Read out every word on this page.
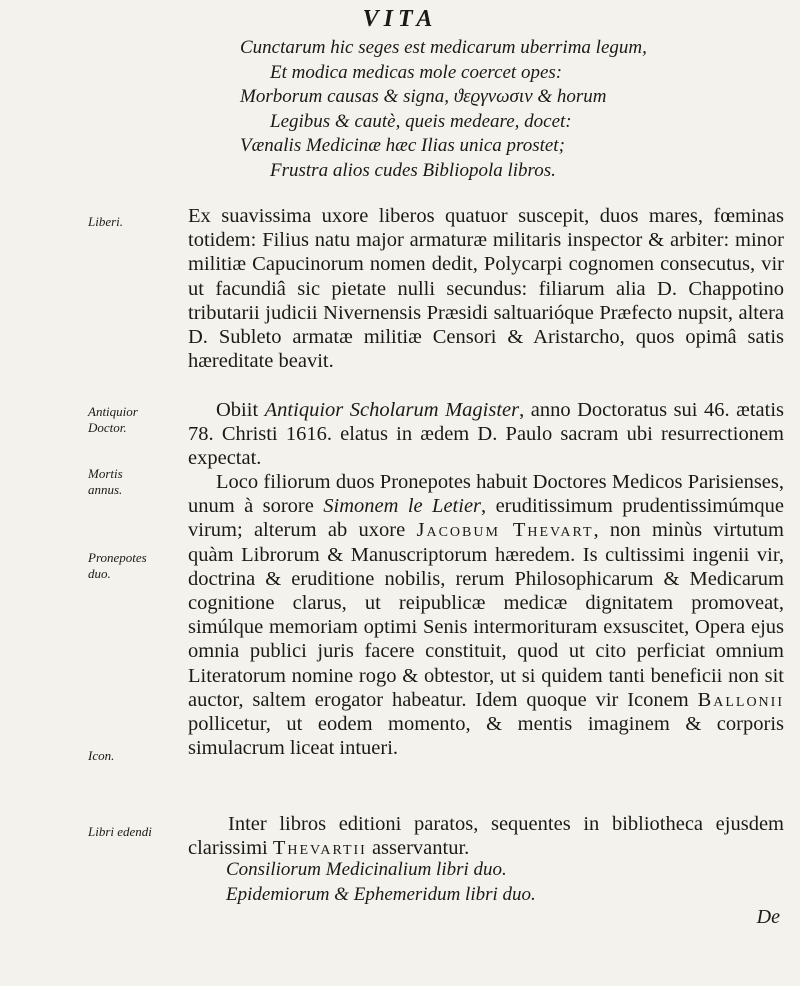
VITA
Cunctarum hic seges est medicarum uberrima legum,
Et modica medicas mole coercet opes:
Morborum causas & signa, ϑεϱγνωσιν & horum
Legibus & cautè, queis medeare, docet:
Vænalis Medicinæ hæc Ilias unica prostet;
Frustra alios cudes Bibliopola libros.
Liberi.
Antiquior Doctor.
Mortis annus.
Pronepotes duo.
Icon.
Libri edendi

Ex suavissima uxore liberos quatuor suscepit, duos mares, fœminas totidem: Filius natu major armaturæ militaris inspector & arbiter: minor militiæ Capucinorum nomen dedit, Polycarpi cognomen consecutus, vir ut facundiâ sic pietate nulli secundus: filiarum alia D. Chappotino tributarii judicii Nivernensis Præsidi saltuarióque Præfecto nupsit, altera D. Subleto armatæ militiæ Censori & Aristarcho, quos opimâ satis hæreditate beavit.

Obiit Antiquior Scholarum Magister, anno Doctoratus sui 46. ætatis 78. Christi 1616. elatus in ædem D. Paulo sacram ubi resurrectionem expectat.

Loco filiorum duos Pronepotes habuit Doctores Medicos Parisienses, unum à sorore Simonem le Letier, eruditissimum prudentissimúmque virum; alterum ab uxore Jacobum Thevart, non minùs virtutum quàm Librorum & Manuscriptorum hæredem. Is cultissimi ingenii vir, doctrina & eruditione nobilis, rerum Philosophicarum & Medicarum cognitione clarus, ut reipublicæ medicæ dignitatem promoveat, simúlque memoriam optimi Senis intermorituram exsuscitet, Opera ejus omnia publici juris facere constituit, quod ut cito perficiat omnium Literatorum nomine rogo & obtestor, ut si quidem tanti beneficii non sit auctor, saltem erogator habeatur. Idem quoque vir Iconem Ballonii pollicetur, ut eodem momento, & mentis imaginem & corporis simulacrum liceat intueri.

Inter libros editioni paratos, sequentes in bibliotheca ejusdem clarissimi Thevartii asservantur.

Consiliorum Medicinalium libri duo.
Epidemiorum & Ephemeridum libri duo.
De
